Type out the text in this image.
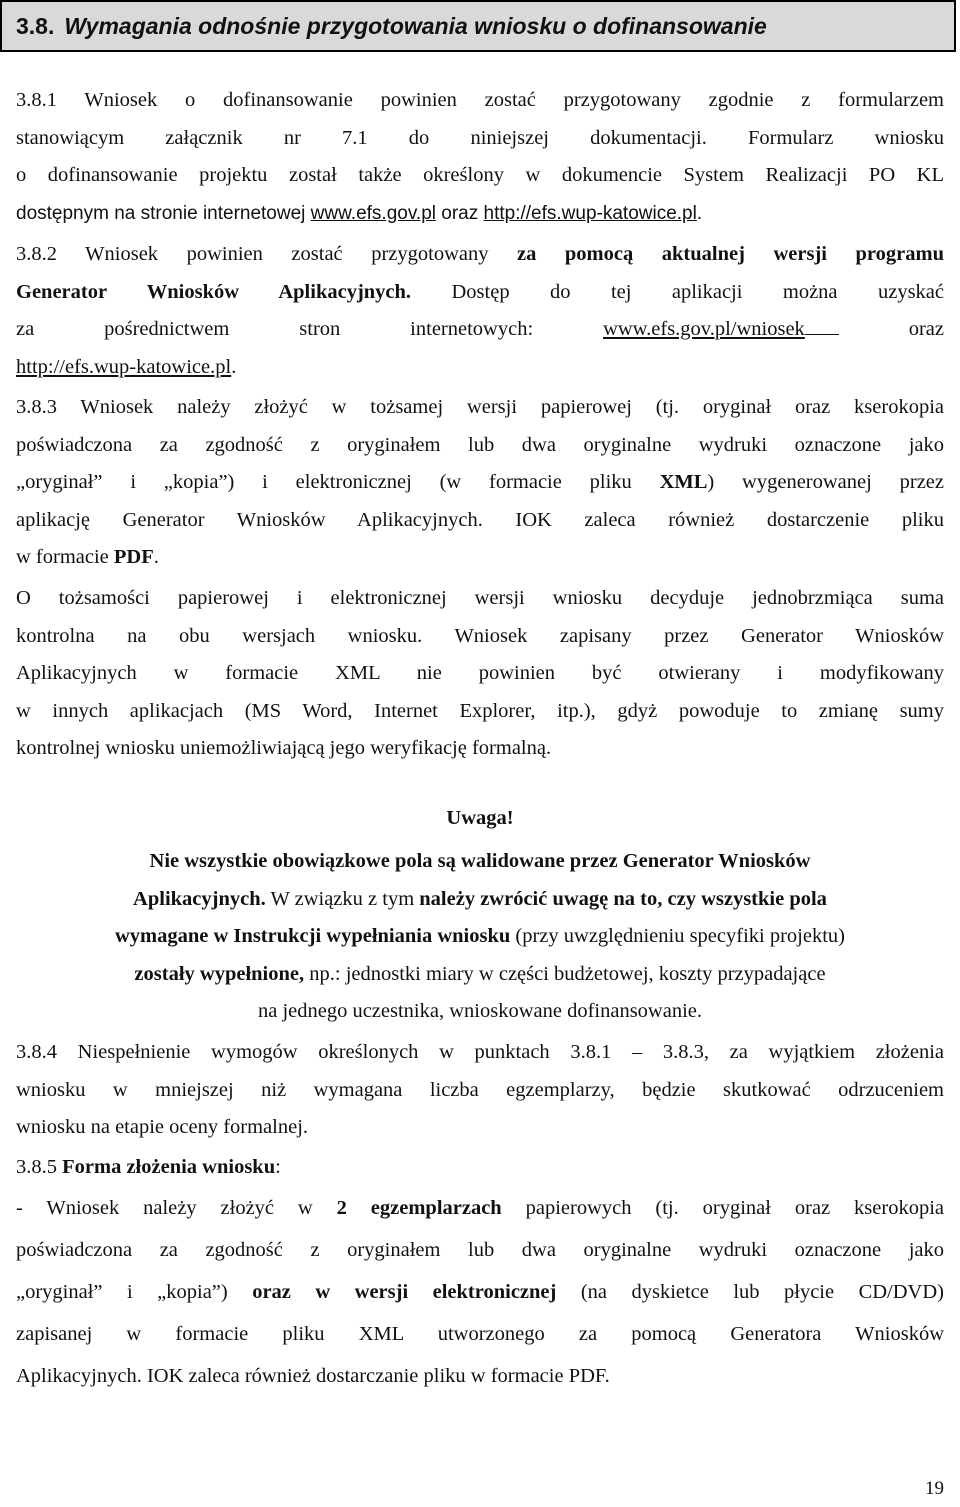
3.8. Wymagania odnośnie przygotowania wniosku o dofinansowanie
3.8.1 Wniosek o dofinansowanie powinien zostać przygotowany zgodnie z formularzem
stanowiącym załącznik nr 7.1 do niniejszej dokumentacji. Formularz wniosku
o dofinansowanie projektu został także określony w dokumencie System Realizacji PO KL
dostępnym na stronie internetowej www.efs.gov.pl oraz http://efs.wup-katowice.pl.
3.8.2 Wniosek powinien zostać przygotowany za pomocą aktualnej wersji programu
Generator Wniosków Aplikacyjnych. Dostęp do tej aplikacji można uzyskać
za pośrednictwem stron internetowych: www.efs.gov.pl/wniosek oraz
http://efs.wup-katowice.pl.
3.8.3 Wniosek należy złożyć w tożsamej wersji papierowej (tj. oryginał oraz kserokopia
poświadczona za zgodność z oryginałem lub dwa oryginalne wydruki oznaczone jako
„oryginał” i „kopia”) i elektronicznej (w formacie pliku XML) wygenerowanej przez
aplikację Generator Wniosków Aplikacyjnych. IOK zaleca również dostarczenie pliku
w formacie PDF.
O tożsamości papierowej i elektronicznej wersji wniosku decyduje jednobrzmiąca suma
kontrolna na obu wersjach wniosku. Wniosek zapisany przez Generator Wniosków
Aplikacyjnych w formacie XML nie powinien być otwierany i modyfikowany
w innych aplikacjach (MS Word, Internet Explorer, itp.), gdyż powoduje to zmianę sumy
kontrolnej wniosku uniemożliwiającą jego weryfikację formalną.
Uwaga!
Nie wszystkie obowiązkowe pola są walidowane przez Generator Wniosków
Aplikacyjnych. W związku z tym należy zwrócić uwagę na to, czy wszystkie pola
wymagane w Instrukcji wypełniania wniosku (przy uwzględnieniu specyfiki projektu)
zostały wypełnione, np.: jednostki miary w części budżetowej, koszty przypadające
na jednego uczestnika, wnioskowane dofinansowanie.
3.8.4 Niespełnienie wymogów określonych w punktach 3.8.1 – 3.8.3, za wyjątkiem złożenia
wniosku w mniejszej niż wymagana liczba egzemplarzy, będzie skutkować odrzuceniem
wniosku na etapie oceny formalnej.
3.8.5 Forma złożenia wniosku:
- Wniosek należy złożyć w 2 egzemplarzach papierowych (tj. oryginał oraz kserokopia
poświadczona za zgodność z oryginałem lub dwa oryginalne wydruki oznaczone jako
„oryginał” i „kopia”) oraz w wersji elektronicznej (na dyskietce lub płycie CD/DVD)
zapisanej w formacie pliku XML utworzonego za pomocą Generatora Wniosków
Aplikacyjnych. IOK zaleca również dostarczanie pliku w formacie PDF.
19
